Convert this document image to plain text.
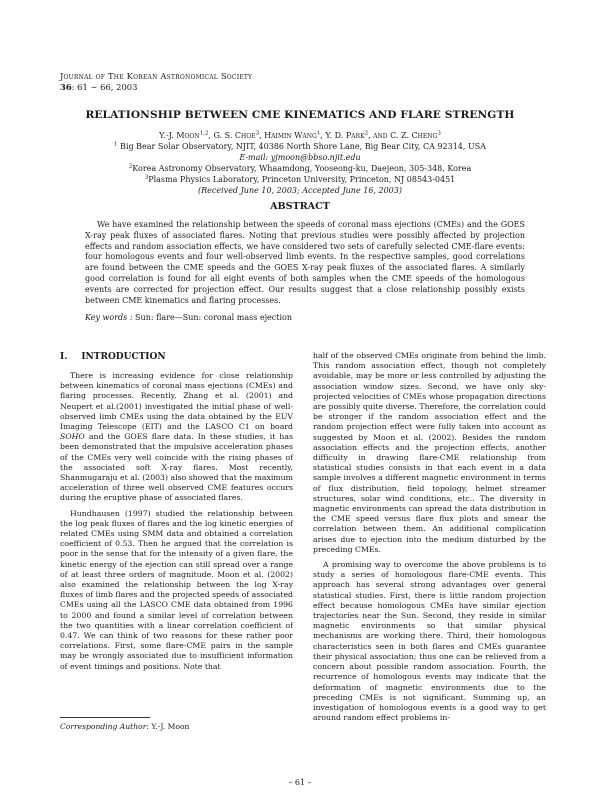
Journal of The Korean Astronomical Society
36: 61 ∼ 66, 2003
RELATIONSHIP BETWEEN CME KINEMATICS AND FLARE STRENGTH
Y.-J. Moon$^{1,2}$, G. S. Choe$^3$, Haimin Wang$^1$, Y. D. Park$^2$, and C. Z. Cheng$^3$
$^1$ Big Bear Solar Observatory, NJIT, 40386 North Shore Lane, Big Bear City, CA 92314, USA
E-mail: yjmoon@bbso.njit.edu
$^2$Korea Astronomy Observatory, Whaamdong, Yooseong-ku, Daejeon, 305-348, Korea
$^3$Plasma Physics Laboratory, Princeton University, Princeton, NJ 08543-0451
(Received June 10, 2003; Accepted June 16, 2003)
ABSTRACT
We have examined the relationship between the speeds of coronal mass ejections (CMEs) and the GOES X-ray peak fluxes of associated flares. Noting that previous studies were possibly affected by projection effects and random association effects, we have considered two sets of carefully selected CME-flare events: four homologous events and four well-observed limb events. In the respective samples, good correlations are found between the CME speeds and the GOES X-ray peak fluxes of the associated flares. A similarly good correlation is found for all eight events of both samples when the CME speeds of the homologous events are corrected for projection effect. Our results suggest that a close relationship possibly exists between CME kinematics and flaring processes.
Key words : Sun: flare—Sun: coronal mass ejection
I. INTRODUCTION

There is increasing evidence for close relationship between kinematics of coronal mass ejections (CMEs) and flaring processes. Recently, Zhang et al. (2001) and Neupert et al.(2001) investigated the initial phase of well-observed limb CMEs using the data obtained by the EUV Imaging Telescope (EIT) and the LASCO C1 on board SOHO and the GOES flare data. In these studies, it has been demonstrated that the impulsive acceleration phases of the CMEs very well coincide with the rising phases of the associated soft X-ray flares. Most recently, Shanmugaraju et al. (2003) also showed that the maximum acceleration of three well observed CME features occurs during the eruptive phase of associated flares.

Hundhausen (1997) studied the relationship between the log peak fluxes of flares and the log kinetic energies of related CMEs using SMM data and obtained a correlation coefficient of 0.53. Then he argued that the correlation is poor in the sense that for the intensity of a given flare, the kinetic energy of the ejection can still spread over a range of at least three orders of magnitude. Moon et al. (2002) also examined the relationship between the log X-ray fluxes of limb flares and the projected speeds of associated CMEs using all the LASCO CME data obtained from 1996 to 2000 and found a similar level of correlation between the two quantities with a linear correlation coefficient of 0.47. We can think of two reasons for these rather poor correlations. First, some flare-CME pairs in the sample may be wrongly associated due to insufficient information of event timings and positions. Note that

half of the observed CMEs originate from behind the limb. This random association effect, though not completely avoidable, may be more or less controlled by adjusting the association window sizes. Second, we have only sky-projected velocities of CMEs whose propagation directions are possibly quite diverse. Therefore, the correlation could be stronger if the random association effect and the random projection effect were fully taken into account as suggested by Moon et al. (2002). Besides the random association effects and the projection effects, another difficulty in drawing flare-CME relationship from statistical studies consists in that each event in a data sample involves a different magnetic environment in terms of flux distribution, field topology, helmet streamer structures, solar wind conditions, etc.. The diversity in magnetic environments can spread the data distribution in the CME speed versus flare flux plots and smear the correlation between them. An additional complication arises due to ejection into the medium disturbed by the preceding CMEs.

A promising way to overcome the above problems is to study a series of homologous flare-CME events. This approach has several strong advantages over general statistical studies. First, there is little random projection effect because homologous CMEs have similar ejection trajectories near the Sun. Second, they reside in similar magnetic environments so that similar physical mechanisms are working there. Third, their homologous characteristics seen in both flares and CMEs guarantee their physical association; thus one can be relieved from a concern about possible random association. Fourth, the recurrence of homologous events may indicate that the deformation of magnetic environments due to the preceding CMEs is not significant. Summing up, an investigation of homologous events is a good way to get around random effect problems in-

Corresponding Author: Y.-J. Moon
– 61 –
